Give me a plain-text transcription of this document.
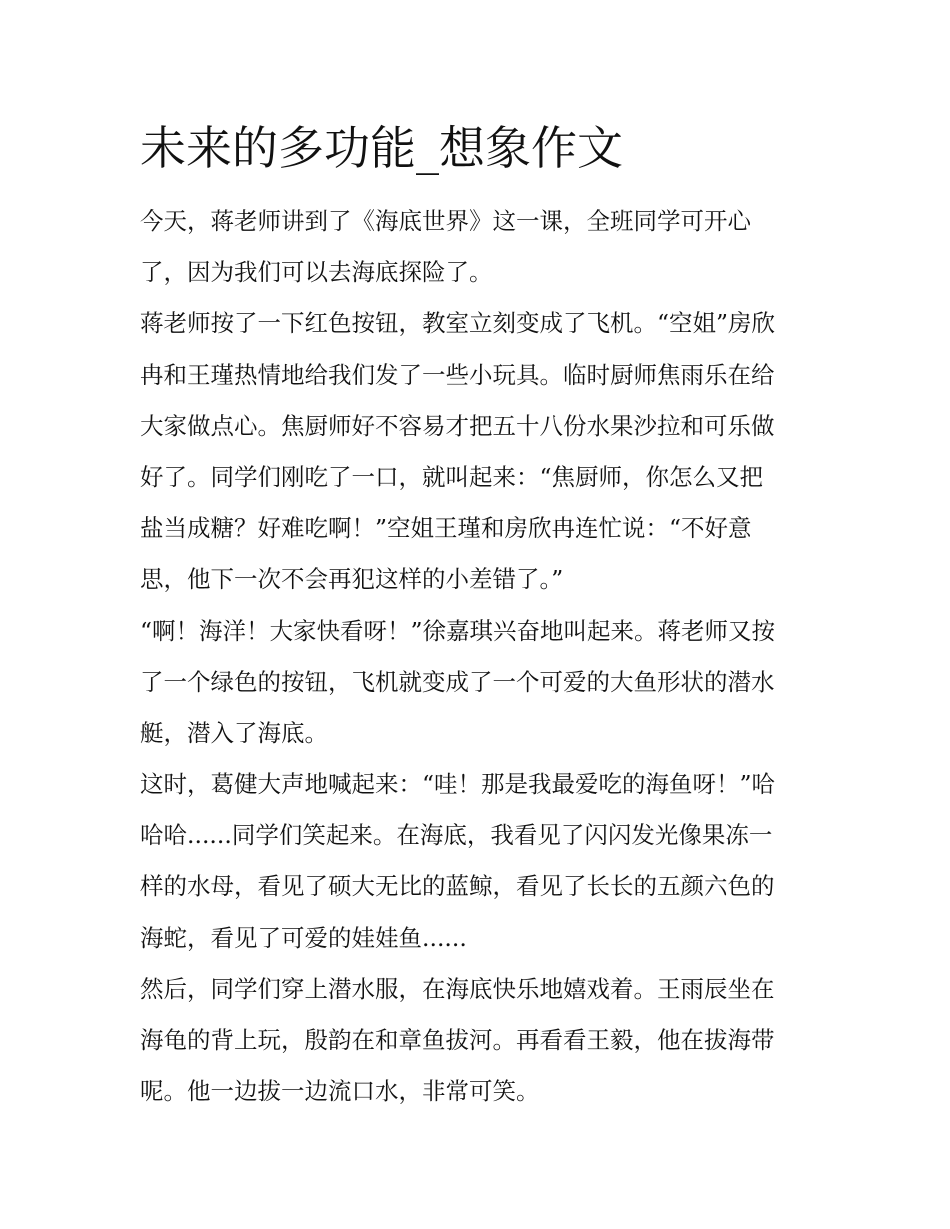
未来的多功能_想象作文
今天，蒋老师讲到了《海底世界》这一课，全班同学可开心
了，因为我们可以去海底探险了。
蒋老师按了一下红色按钮，教室立刻变成了飞机。“空姐”房欣
冉和王瑾热情地给我们发了一些小玩具。临时厨师焦雨乐在给
大家做点心。焦厨师好不容易才把五十八份水果沙拉和可乐做
好了。同学们刚吃了一口，就叫起来：“焦厨师，你怎么又把
盐当成糖？好难吃啊！”空姐王瑾和房欣冉连忙说：“不好意
思，他下一次不会再犯这样的小差错了。”
“啊！海洋！大家快看呀！”徐嘉琪兴奋地叫起来。蒋老师又按
了一个绿色的按钮，飞机就变成了一个可爱的大鱼形状的潜水
艇，潜入了海底。
这时，葛健大声地喊起来：“哇！那是我最爱吃的海鱼呀！”哈
哈哈......同学们笑起来。在海底，我看见了闪闪发光像果冻一
样的水母，看见了硕大无比的蓝鲸，看见了长长的五颜六色的
海蛇，看见了可爱的娃娃鱼......
然后，同学们穿上潜水服，在海底快乐地嬉戏着。王雨辰坐在
海龟的背上玩，殷韵在和章鱼拔河。再看看王毅，他在拔海带
呢。他一边拔一边流口水，非常可笑。
